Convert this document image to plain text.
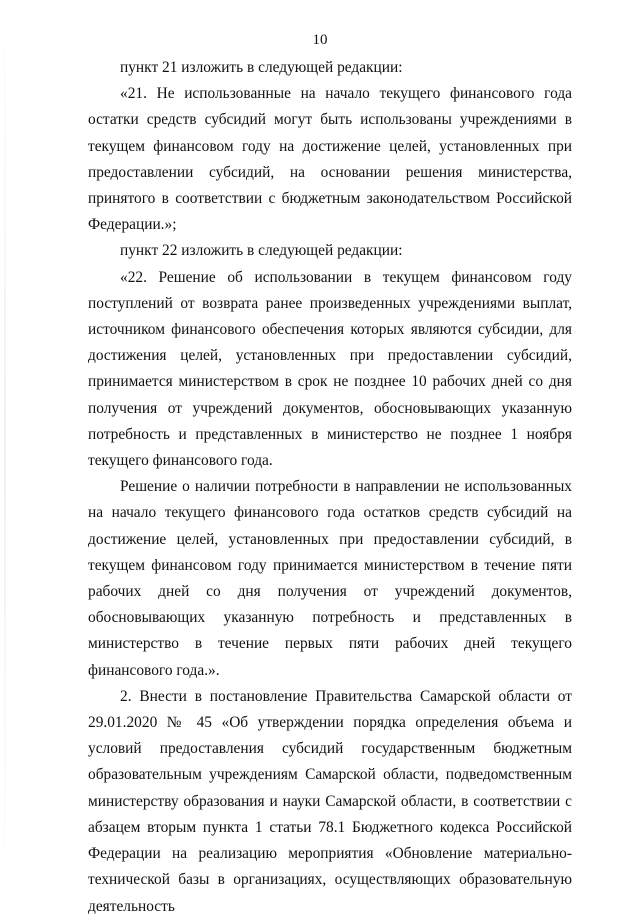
10

пункт 21 изложить в следующей редакции:

«21. Не использованные на начало текущего финансового года остатки средств субсидий могут быть использованы учреждениями в текущем финансовом году на достижение целей, установленных при предоставлении субсидий, на основании решения министерства, принятого в соответствии с бюджетным законодательством Российской Федерации.»;

пункт 22 изложить в следующей редакции:

«22. Решение об использовании в текущем финансовом году поступлений от возврата ранее произведенных учреждениями выплат, источником финансового обеспечения которых являются субсидии, для достижения целей, установленных при предоставлении субсидий, принимается министерством в срок не позднее 10 рабочих дней со дня получения от учреждений документов, обосновывающих указанную потребность и представленных в министерство не позднее 1 ноября текущего финансового года.

Решение о наличии потребности в направлении не использованных на начало текущего финансового года остатков средств субсидий на достижение целей, установленных при предоставлении субсидий, в текущем финансовом году принимается министерством в течение пяти рабочих дней со дня получения от учреждений документов, обосновывающих указанную потребность и представленных в министерство в течение первых пяти рабочих дней текущего финансового года.».

2. Внести в постановление Правительства Самарской области от 29.01.2020 № 45 «Об утверждении порядка определения объема и условий предоставления субсидий государственным бюджетным образовательным учреждениям Самарской области, подведомственным министерству образования и науки Самарской области, в соответствии с абзацем вторым пункта 1 статьи 78.1 Бюджетного кодекса Российской Федерации на реализацию мероприятия «Обновление материально-технической базы в организациях, осуществляющих образовательную деятельность
